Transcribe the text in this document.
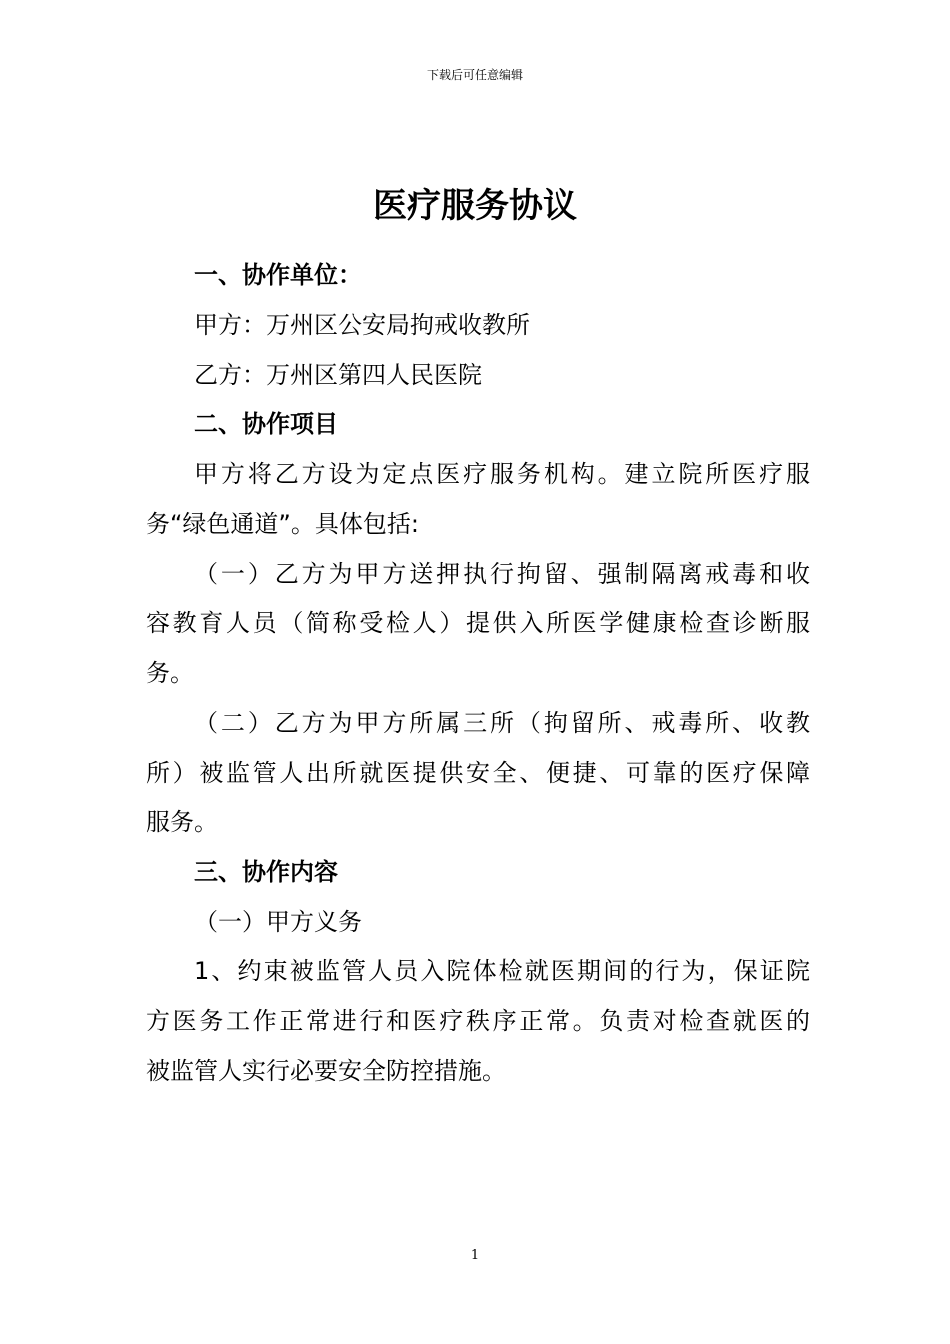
下载后可任意编辑
医疗服务协议
一、协作单位：
甲方：万州区公安局拘戒收教所
乙方：万州区第四人民医院
二、协作项目
甲方将乙方设为定点医疗服务机构。建立院所医疗服
务“绿色通道”。具体包括:
（一）乙方为甲方送押执行拘留、强制隔离戒毒和收
容教育人员（简称受检人）提供入所医学健康检查诊断服
务。
（二）乙方为甲方所属三所（拘留所、戒毒所、收教
所）被监管人出所就医提供安全、便捷、可靠的医疗保障
服务。
三、协作内容
（一）甲方义务
1、约束被监管人员入院体检就医期间的行为，保证院
方医务工作正常进行和医疗秩序正常。负责对检查就医的
被监管人实行必要安全防控措施。
1
